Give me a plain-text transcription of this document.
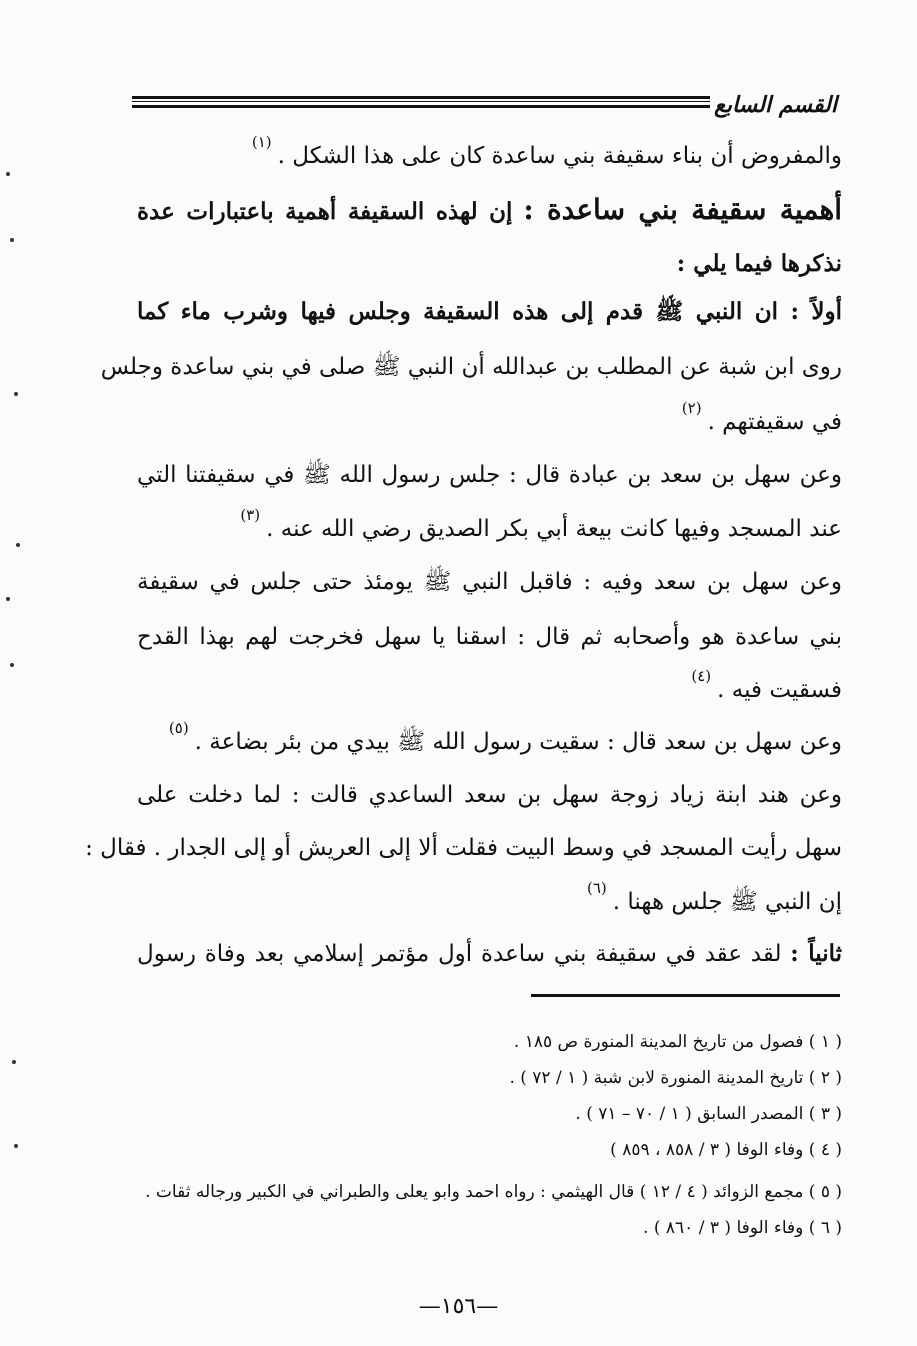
القسم السابع
والمفروض أن بناء سقيفة بني ساعدة كان على هذا الشكل .$^{(١)}$
أهمية سقيفة بني ساعدة : إن لهذه السقيفة أهمية باعتبارات عدة
نذكرها فيما يلي :
أولاً : ان النبي ﷺ قدم إلى هذه السقيفة وجلس فيها وشرب ماء كما
روى ابن شبة عن المطلب بن عبدالله أن النبي ﷺ صلى في بني ساعدة وجلس
في سقيفتهم .$^{(٢)}$
وعن سهل بن سعد بن عبادة قال : جلس رسول الله ﷺ في سقيفتنا التي
عند المسجد وفيها كانت بيعة أبي بكر الصديق رضي الله عنه .$^{(٣)}$
وعن سهل بن سعد وفيه : فاقبل النبي ﷺ يومئذ حتى جلس في سقيفة
بني ساعدة هو وأصحابه ثم قال : اسقنا يا سهل فخرجت لهم بهذا القدح
فسقيت فيه .$^{(٤)}$
وعن سهل بن سعد قال : سقيت رسول الله ﷺ بيدي من بئر بضاعة .$^{(٥)}$
وعن هند ابنة زياد زوجة سهل بن سعد الساعدي قالت : لما دخلت على
سهل رأيت المسجد في وسط البيت فقلت ألا إلى العريش أو إلى الجدار . فقال :
إن النبي ﷺ جلس ههنا .$^{(٦)}$
ثانياً : لقد عقد في سقيفة بني ساعدة أول مؤتمر إسلامي بعد وفاة رسول
( ١ ) فصول من تاريخ المدينة المنورة ص ١٨٥ .
( ٢ ) تاريخ المدينة المنورة لابن شبة ( ١ / ٧٢ ) .
( ٣ ) المصدر السابق ( ١ / ٧٠ – ٧١ ) .
( ٤ ) وفاء الوفا ( ٣ / ٨٥٨ ، ٨٥٩ )
( ٥ ) مجمع الزوائد ( ٤ / ١٢ ) قال الهيثمي : رواه احمد وابو يعلى والطبراني في الكبير ورجاله ثقات .
( ٦ ) وفاء الوفا ( ٣ / ٨٦٠ ) .
—١٥٦—
